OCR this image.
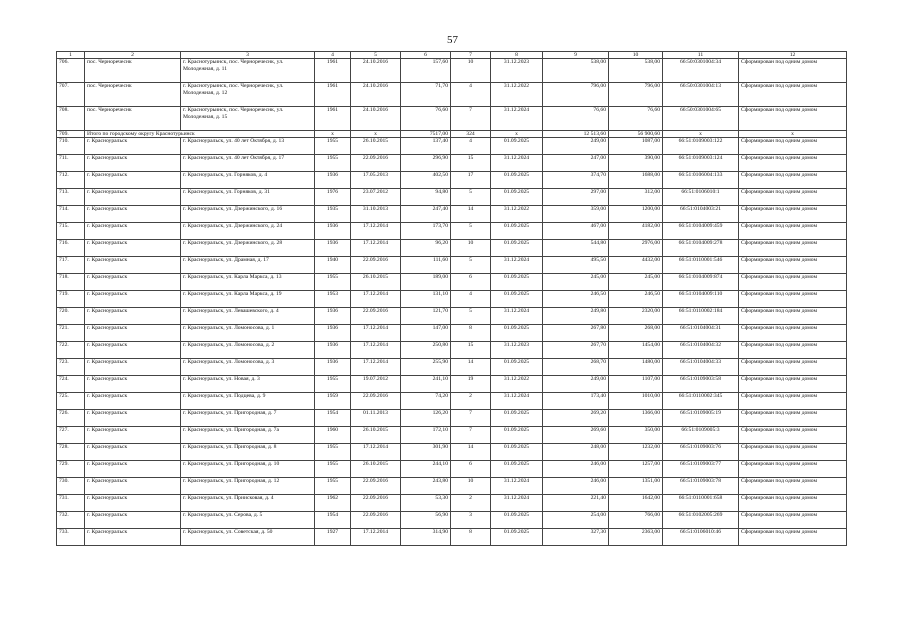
57
1	2	3	4	5	6	7	8	9	10	11	12
706.	пос. Черноречеснк	г. Краснотурьинск, пос. Черноречеснк, ул. Молодежная, д. 11	1961	24.10.2016	157,60	10	31.12.2023	538,00	538,00	66:50:0301004:34	Сформирован под одним домом
707.	пос. Черноречеснк	г. Краснотурьинск, пос. Черноречеснк, ул. Молодежная, д. 12	1961	24.10.2016	71,70	4	31.12.2022	796,00	796,00	66:50:0301004:13	Сформирован под одним домом
708.	пос. Черноречеснк	г. Краснотурьинск, пос. Черноречеснк, ул. Молодежная, д. 15	1961	24.10.2016	76,60	7	31.12.2024	76,60	76,60	66:50:0301004:65	Сформирован под одним домом
709.	Итого по городскому округу Краснотурьинск		х	х	7517,00	324	х	12 513,60	56 900,60	х	х
710.	г. Красноуральск	г. Красноуральск, ул. 40 лет Октября, д. 13	1955	26.10.2015	137,40	4	01.09.2025	249,00	1087,00	66:51:0109003:122	Сформирован под одним домом
711.	г. Красноуральск	г. Красноуральск, ул. 40 лет Октября, д. 17	1955	22.09.2016	296,90	15	31.12.2024	247,00	390,00	66:51:0109003:124	Сформирован под одним домом
712.	г. Красноуральск	г. Красноуральск, ул. Горняков, д. 4	1936	17.05.2013	402,50	17	01.09.2025	374,70	1688,00	66:51:0106004:133	Сформирован под одним домом
713.	г. Красноуральск	г. Красноуральск, ул. Горняков, д. 31	1976	23.07.2012	94,80	5	01.09.2025	297,00	312,00	66:51:0106010:1	Сформирован под одним домом
714.	г. Красноуральск	г. Красноуральск, ул. Дзержинского, д. 16	1935	31.10.2013	247,40	14	31.12.2022	359,00	1200,00	66:51:0104003:21	Сформирован под одним домом
715.	г. Красноуральск	г. Красноуральск, ул. Дзержинского, д. 24	1936	17.12.2014	173,70	5	01.09.2025	467,00	4182,00	66:51:0104009:459	Сформирован под одним домом
716.	г. Красноуральск	г. Красноуральск, ул. Дзержинского, д. 28	1936	17.12.2014	96,20	10	01.09.2025	544,80	2976,00	66:51:0104009:278	Сформирован под одним домом
717.	г. Красноуральск	г. Красноуральск, ул. Драмная, д. 17	1940	22.09.2016	111,60	5	31.12.2024	495,50	4432,00	66:51:0110001:546	Сформирован под одним домом
718.	г. Красноуральск	г. Красноуральск, ул. Карла Маркса, д. 13	1955	26.10.2015	189,00	6	01.09.2025	245,00	245,00	66:51:0104009:874	Сформирован под одним домом
719.	г. Красноуральск	г. Красноуральск, ул. Карла Маркса, д. 19	1953	17.12.2014	131,10	4	01.09.2025	246,50	246,50	66:51:0104009:110	Сформирован под одним домом
720.	г. Красноуральск	г. Красноуральск, ул. Левашевского, д. 4	1936	22.09.2016	121,70	5	31.12.2024	249,80	2320,00	66:51:0110002:184	Сформирован под одним домом
721.	г. Красноуральск	г. Красноуральск, ул. Ломоносова, д. 1	1936	17.12.2014	147,00	8	01.09.2025	267,80	268,00	66:51:0104004:31	Сформирован под одним домом
722.	г. Красноуральск	г. Красноуральск, ул. Ломоносова, д. 2	1936	17.12.2014	250,80	15	31.12.2023	267,70	1454,00	66:51:0104004:32	Сформирован под одним домом
723.	г. Красноуральск	г. Красноуральск, ул. Ломоносова, д. 3	1936	17.12.2014	255,90	14	01.09.2025	268,70	1480,00	66:51:0104004:33	Сформирован под одним домом
724.	г. Красноуральск	г. Красноуральск, ул. Новая, д. 3	1955	19.07.2012	241,10	19	31.12.2022	249,00	1107,00	66:51:0109003:58	Сформирован под одним домом
725.	г. Красноуральск	г. Красноуральск, ул. Подцева, д. 9	1959	22.09.2016	74,20	2	31.12.2024	173,40	1010,00	66:51:0110002:345	Сформирован под одним домом
726.	г. Красноуральск	г. Красноуральск, ул. Пригородная, д. 7	1954	01.11.2013	126,20	7	01.09.2025	269,20	1366,00	66:51:0109005:19	Сформирован под одним домом
727.	г. Красноуральск	г. Красноуральск, ул. Пригородная, д. 7а	1960	26.10.2015	172,10	7	01.09.2025	269,60	350,00	66:51:0109005:3	Сформирован под одним домом
728.	г. Красноуральск	г. Красноуральск, ул. Пригородная, д. 8	1955	17.12.2014	301,90	14	01.09.2025	248,00	1232,00	66:51:0109003:76	Сформирован под одним домом
729.	г. Красноуральск	г. Красноуральск, ул. Пригородная, д. 10	1955	26.10.2015	244,10	6	01.09.2025	246,00	1257,00	66:51:0109003:77	Сформирован под одним домом
730.	г. Красноуральск	г. Красноуральск, ул. Пригородная, д. 12	1955	22.09.2016	243,80	10	31.12.2024	246,00	1351,00	66:51:0109003:78	Сформирован под одним домом
731.	г. Красноуральск	г. Красноуральск, ул. Приисковая, д. 4	1962	22.09.2016	53,30	2	31.12.2024	221,40	1642,00	66:51:0110001:658	Сформирован под одним домом
732.	г. Красноуральск	г. Красноуральск, ул. Серова, д. 5	1954	22.09.2016	56,90	3	01.09.2025	254,00	766,00	66:51:0102005:269	Сформирован под одним домом
733.	г. Красноуральск	г. Красноуральск, ул. Советская, д. 50	1927	17.12.2014	314,90	8	01.09.2025	327,30	2363,00	66:51:0106010:46	Сформирован под одним домом
